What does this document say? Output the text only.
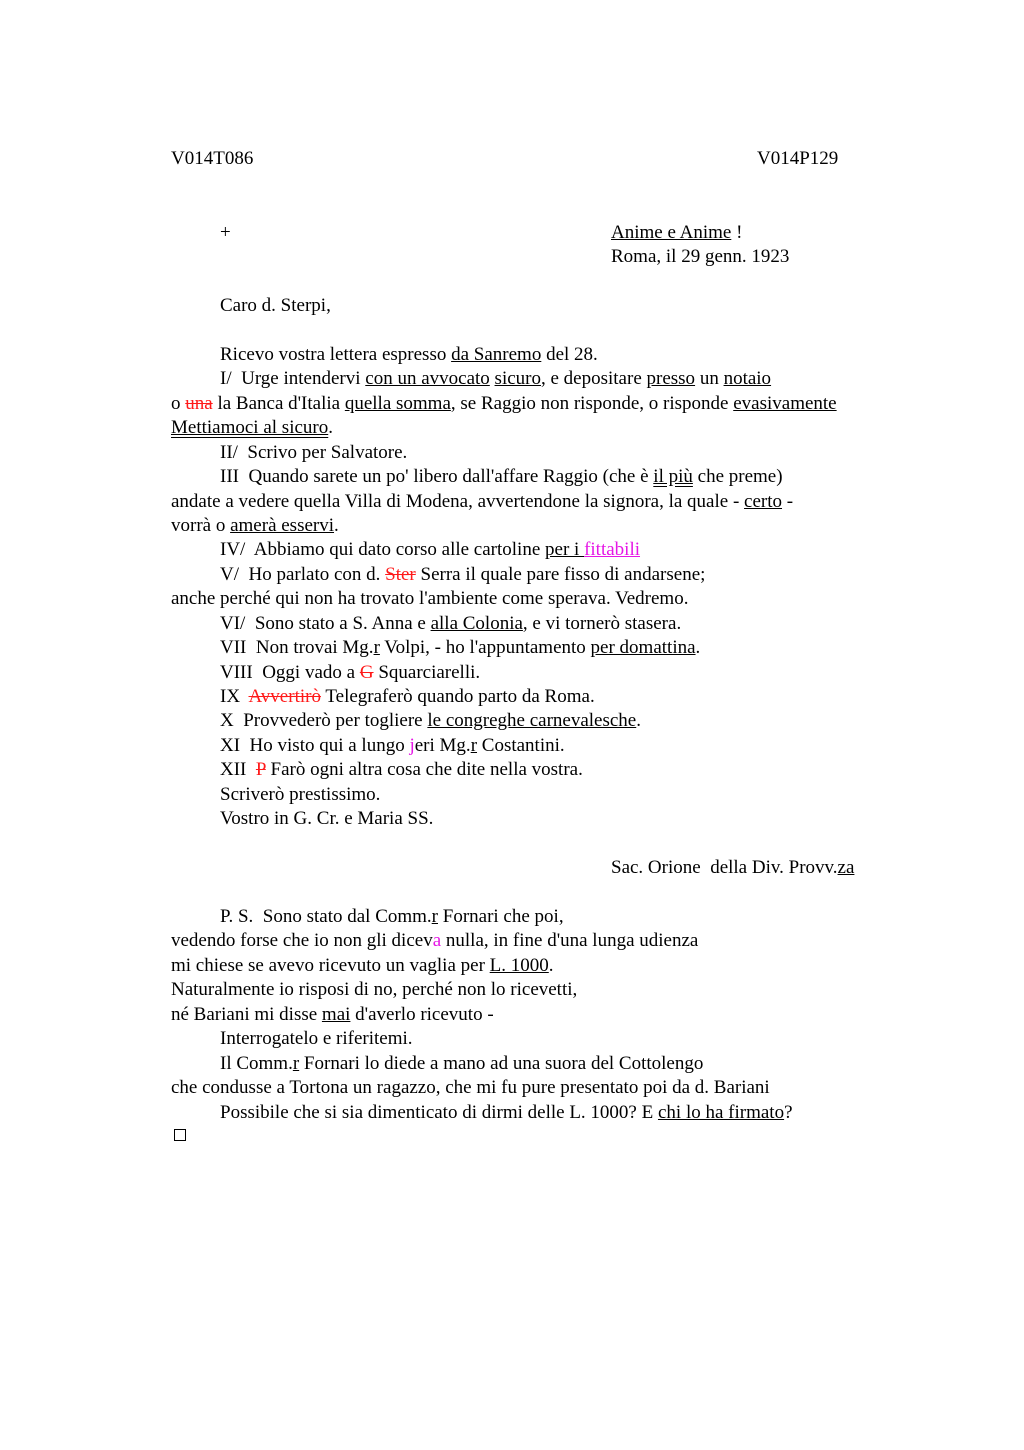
V014T086	V014P129
+	Anime e Anime !
Roma, il 29 genn. 1923
Caro d. Sterpi,
Ricevo vostra lettera espresso da Sanremo del 28.
I/  Urge intendervi con un avvocato sicuro, e depositare presso un notaio
o una la Banca d'Italia quella somma, se Raggio non risponde, o risponde evasivamente
Mettiamoci al sicuro.
II/  Scrivo per Salvatore.
III  Quando sarete un po' libero dall'affare Raggio (che è il più che preme)
andate a vedere quella Villa di Modena, avvertendone la signora, la quale - certo -
vorrà o amerà esservi.
IV/  Abbiamo qui dato corso alle cartoline per i fittabili
V/  Ho parlato con d. Ster Serra il quale pare fisso di andarsene;
anche perché qui non ha trovato l'ambiente come sperava. Vedremo.
VI/  Sono stato a S. Anna e alla Colonia, e vi tornerò stasera.
VII  Non trovai Mg.r Volpi, - ho l'appuntamento per domattina.
VIII  Oggi vado a G Squarciarelli.
IX  Avvertirò Telegraferò quando parto da Roma.
X  Provvederò per togliere le congreghe carnevalesche.
XI  Ho visto qui a lungo jeri Mg.r Costantini.
XII  P Farò ogni altra cosa che dite nella vostra.
Scriverò prestissimo.
Vostro in G. Cr. e Maria SS.
Sac. Orione  della Div. Provv.za
P. S.  Sono stato dal Comm.r Fornari che poi,
vedendo forse che io non gli diceva nulla, in fine d'una lunga udienza
mi chiese se avevo ricevuto un vaglia per L. 1000.
Naturalmente io risposi di no, perché non lo ricevetti,
né Bariani mi disse mai d'averlo ricevuto -
Interrogatelo e riferitemi.
Il Comm.r Fornari lo diede a mano ad una suora del Cottolengo
che condusse a Tortona un ragazzo, che mi fu pure presentato poi da d. Bariani
Possibile che si sia dimenticato di dirmi delle L. 1000? E chi lo ha firmato?
